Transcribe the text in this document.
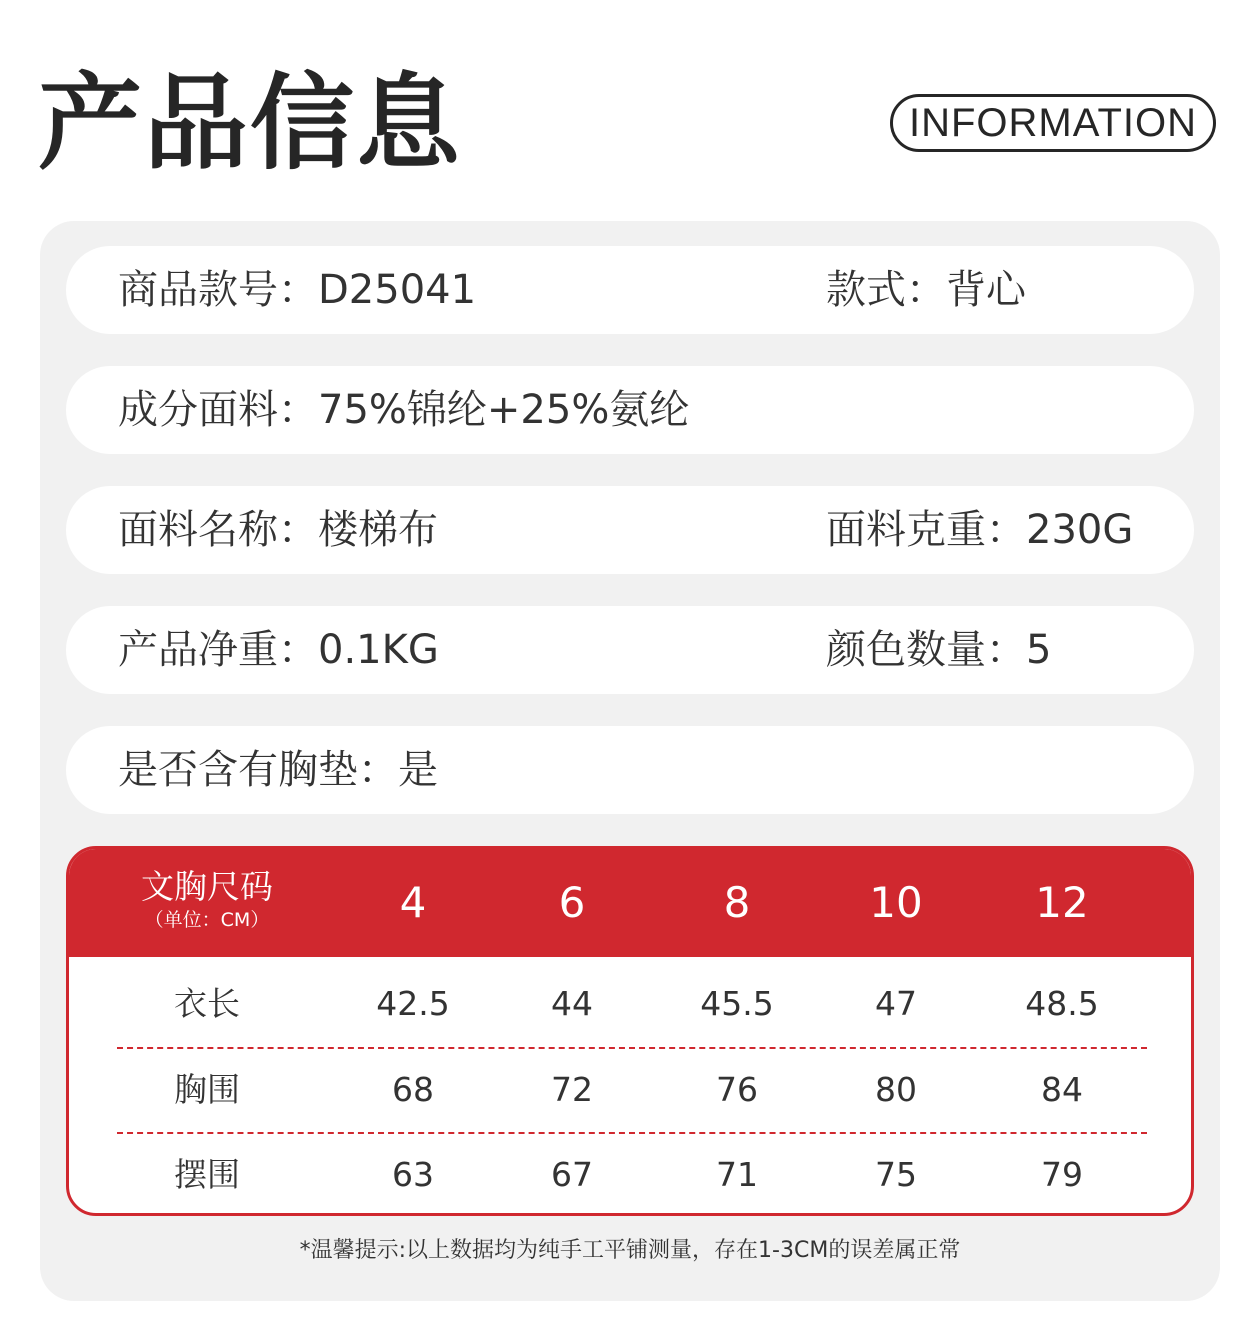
产品信息	INFORMATION
商品款号：D25041	款式：背心
成分面料：75%锦纶+25%氨纶
面料名称：楼梯布	面料克重：230G
产品净重：0.1KG	颜色数量：5
是否含有胸垫：是
文胸尺码
（单位：CM）	4	6	8	10	12
衣长	42.5	44	45.5	47	48.5
胸围	68	72	76	80	84
摆围	63	67	71	75	79
*温馨提示:以上数据均为纯手工平铺测量，存在1-3CM的误差属正常
